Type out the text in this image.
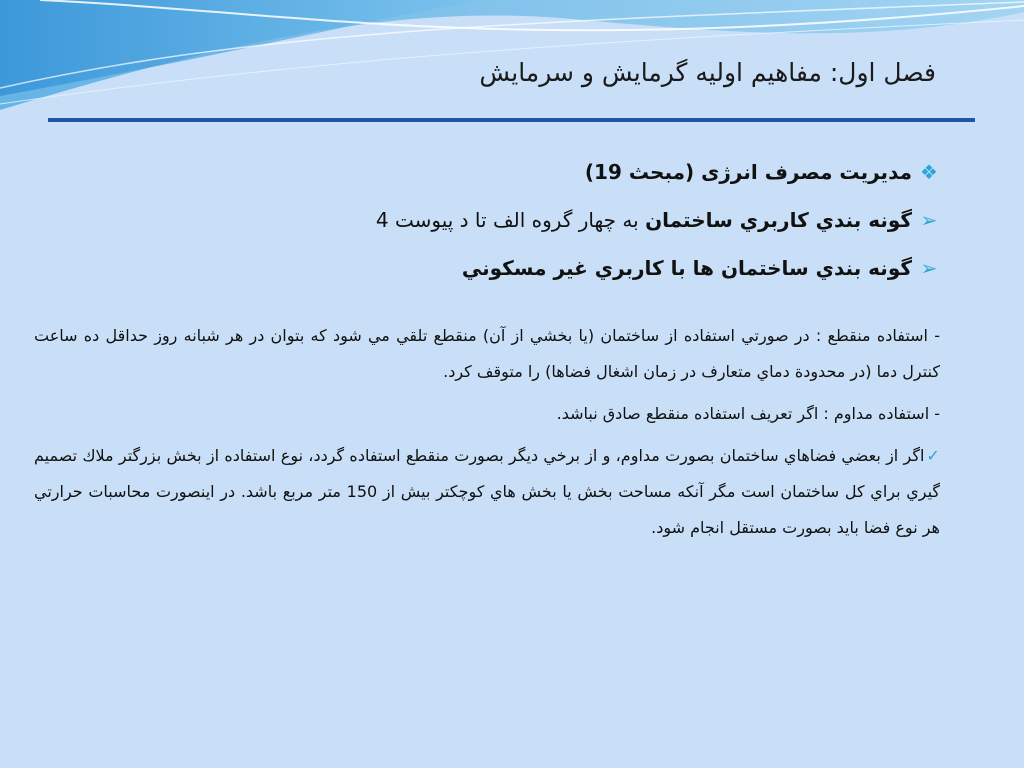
فصل اول: مفاهیم اولیه گرمایش و سرمایش
❖
مديريت مصرف انرژی (مبحث 19)
➢
گونه بندي كاربري ساختمان به چهار گروه الف تا د پيوست 4
➢
گونه بندي ساختمان ها با كاربري غير مسكوني

- استفاده منقطع : در صورتي استفاده از ساختمان (يا بخشي از آن) منقطع تلقي مي شود كه بتوان در هر شبانه روز حداقل ده ساعت كنترل دما (در محدودة دماي متعارف در زمان اشغال فضاها) را متوقف كرد.

- استفاده مداوم : اگر تعريف استفاده منقطع صادق نباشد.

✓اگر از بعضي فضاهاي ساختمان بصورت مداوم، و از برخي ديگر بصورت منقطع استفاده گردد، نوع استفاده از بخش بزرگتر ملاك تصميم گيري براي كل ساختمان است مگر آنكه مساحت بخش يا بخش هاي كوچكتر بيش از 150 متر مربع باشد. در اينصورت محاسبات حرارتي هر نوع فضا بايد بصورت مستقل انجام شود.
